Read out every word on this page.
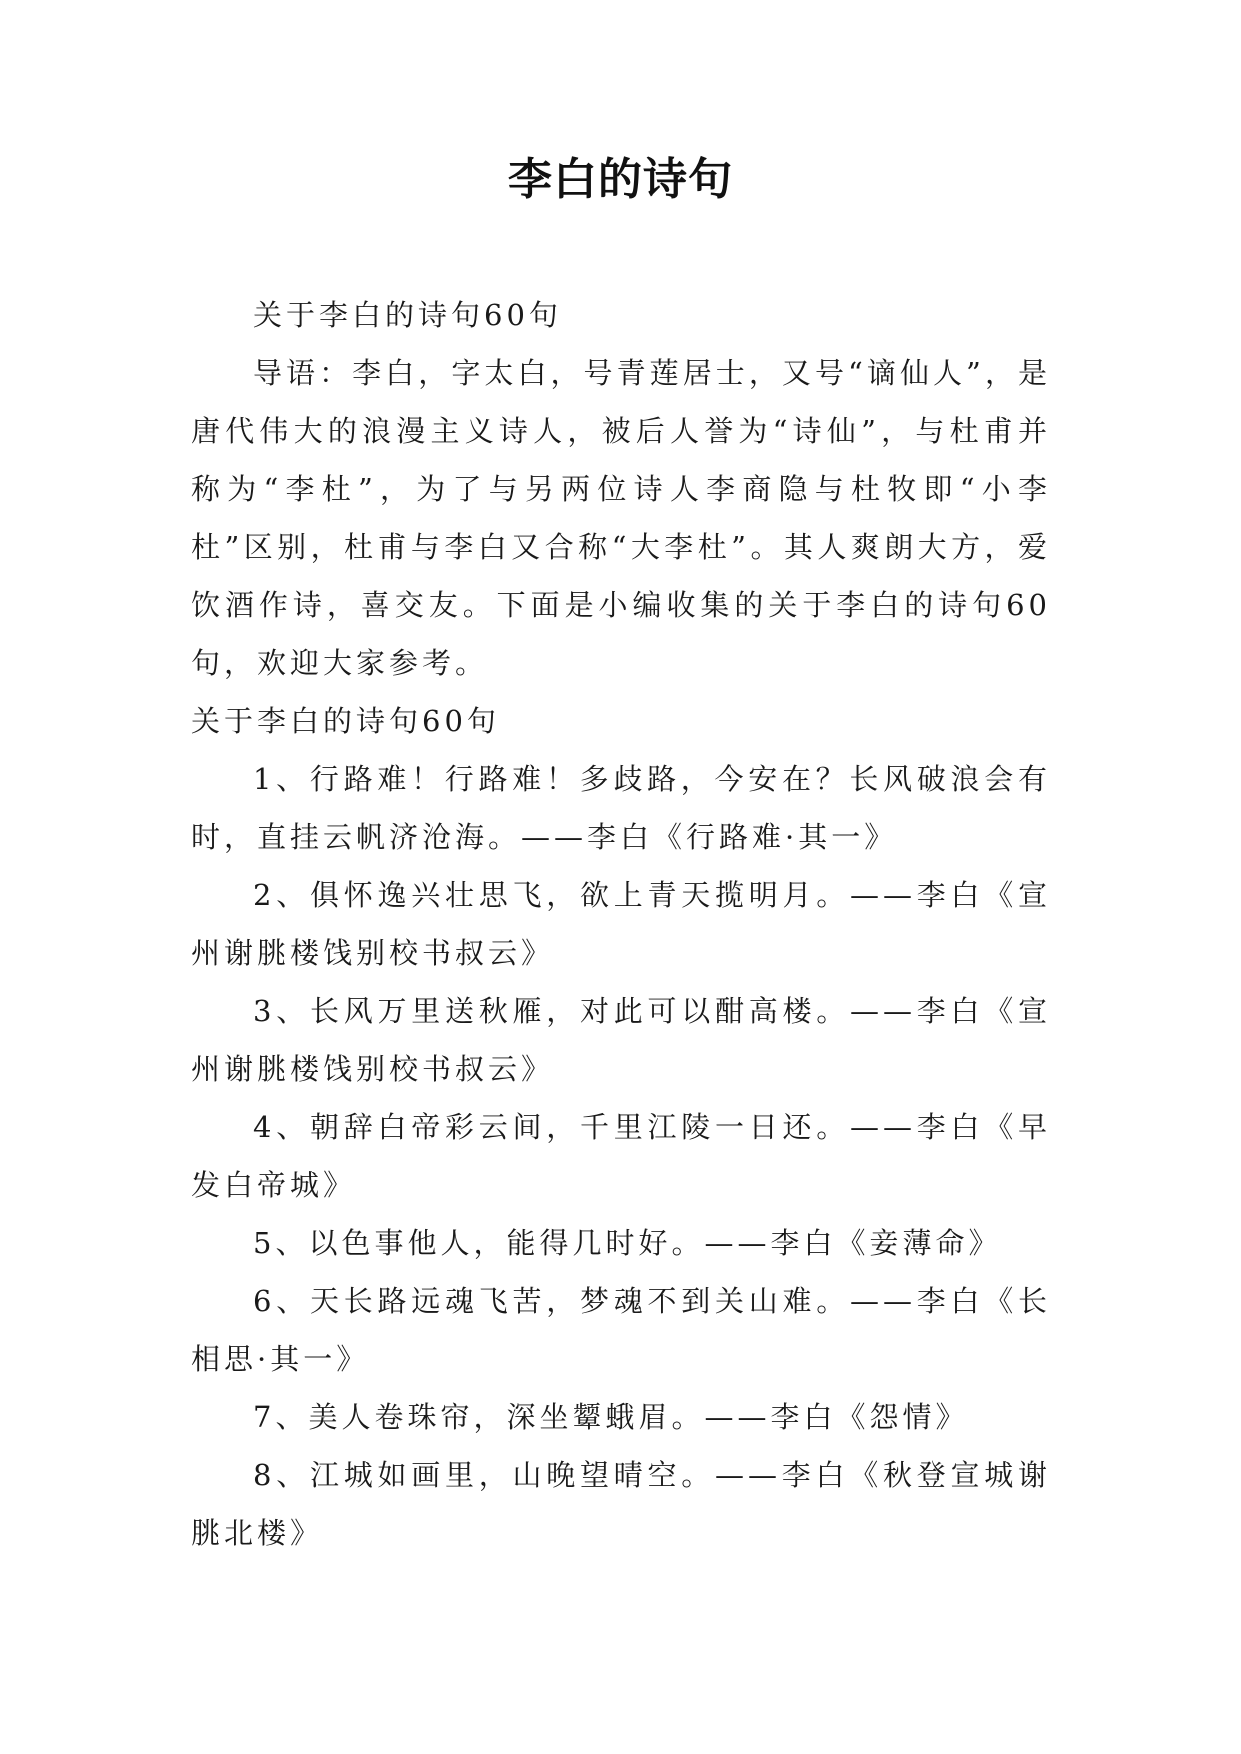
李白的诗句

关于李白的诗句60句

导语：李白，字太白，号青莲居士，又号“谪仙人”，是唐代伟大的浪漫主义诗人，被后人誉为“诗仙”，与杜甫并称为“李杜”，为了与另两位诗人李商隐与杜牧即“小李杜”区别，杜甫与李白又合称“大李杜”。其人爽朗大方，爱饮酒作诗，喜交友。下面是小编收集的关于李白的诗句60句，欢迎大家参考。

关于李白的诗句60句

1、行路难！行路难！多歧路，今安在？长风破浪会有时，直挂云帆济沧海。——李白《行路难·其一》

2、俱怀逸兴壮思飞，欲上青天揽明月。——李白《宣州谢朓楼饯别校书叔云》

3、长风万里送秋雁，对此可以酣高楼。——李白《宣州谢朓楼饯别校书叔云》

4、朝辞白帝彩云间，千里江陵一日还。——李白《早发白帝城》

5、以色事他人，能得几时好。——李白《妾薄命》

6、天长路远魂飞苦，梦魂不到关山难。——李白《长相思·其一》

7、美人卷珠帘，深坐颦蛾眉。——李白《怨情》

8、江城如画里，山晚望晴空。——李白《秋登宣城谢朓北楼》
